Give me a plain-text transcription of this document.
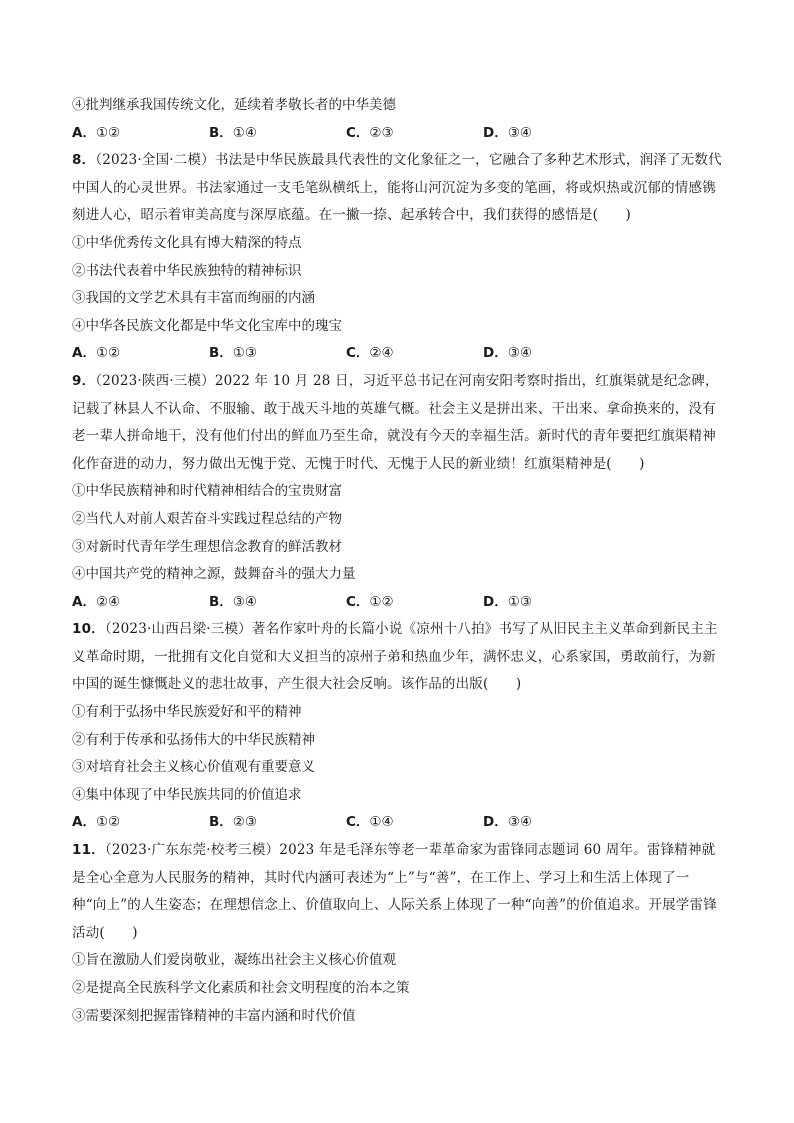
④批判继承我国传统文化，延续着孝敬长者的中华美德
A．①②	B．①④	C．②③	D．③④
8．（2023·全国·二模）书法是中华民族最具代表性的文化象征之一，它融合了多种艺术形式，润泽了无数代中国人的心灵世界。书法家通过一支毛笔纵横纸上，能将山河沉淀为多变的笔画，将或炽热或沉郁的情感镌刻进人心，昭示着审美高度与深厚底蕴。在一撇一捺、起承转合中，我们获得的感悟是(　　)
①中华优秀传文化具有博大精深的特点
②书法代表着中华民族独特的精神标识
③我国的文学艺术具有丰富而绚丽的内涵
④中华各民族文化都是中华文化宝库中的瑰宝
A．①②	B．①③	C．②④	D．③④
9．（2023·陕西·三模）2022 年 10 月 28 日，习近平总书记在河南安阳考察时指出，红旗渠就是纪念碑，记载了林县人不认命、不服输、敢于战天斗地的英雄气概。社会主义是拼出来、干出来、拿命换来的，没有老一辈人拼命地干，没有他们付出的鲜血乃至生命，就没有今天的幸福生活。新时代的青年要把红旗渠精神化作奋进的动力，努力做出无愧于党、无愧于时代、无愧于人民的新业绩！红旗渠精神是(　　)
①中华民族精神和时代精神相结合的宝贵财富
②当代人对前人艰苦奋斗实践过程总结的产物
③对新时代青年学生理想信念教育的鲜活教材
④中国共产党的精神之源，鼓舞奋斗的强大力量
A．②④	B．③④	C．①②	D．①③
10．（2023·山西吕梁·三模）著名作家叶舟的长篇小说《凉州十八拍》书写了从旧民主主义革命到新民主主义革命时期，一批拥有文化自觉和大义担当的凉州子弟和热血少年，满怀忠义，心系家国，勇敢前行，为新中国的诞生慷慨赴义的悲壮故事，产生很大社会反响。该作品的出版(　　)
①有利于弘扬中华民族爱好和平的精神
②有利于传承和弘扬伟大的中华民族精神
③对培育社会主义核心价值观有重要意义
④集中体现了中华民族共同的价值追求
A．①②	B．②③	C．①④	D．③④
11．（2023·广东东莞·校考三模）2023 年是毛泽东等老一辈革命家为雷锋同志题词 60 周年。雷锋精神就是全心全意为人民服务的精神，其时代内涵可表述为“上”与“善”，在工作上、学习上和生活上体现了一种“向上”的人生姿态；在理想信念上、价值取向上、人际关系上体现了一种“向善”的价值追求。开展学雷锋活动(　　)
①旨在激励人们爱岗敬业，凝练出社会主义核心价值观
②是提高全民族科学文化素质和社会文明程度的治本之策
③需要深刻把握雷锋精神的丰富内涵和时代价值
